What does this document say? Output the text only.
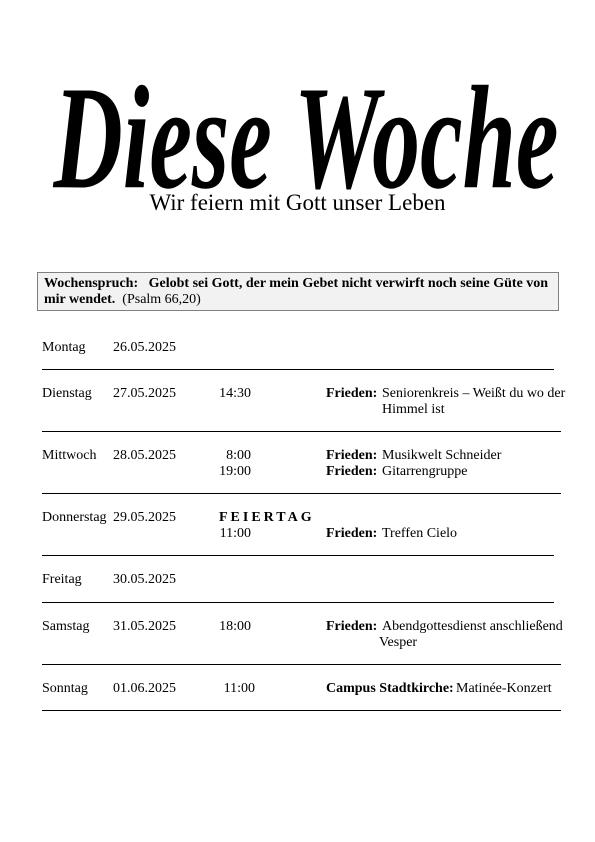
Diese Woche
Wir feiern mit Gott unser Leben
Wochenspruch: Gelobt sei Gott, der mein Gebet nicht verwirft noch seine Güte von mir wendet. (Psalm 66,20)
Montag 26.05.2025
Dienstag 27.05.2025	14:30	Frieden: Seniorenkreis – Weißt du wo der
Himmel ist
Mittwoch 28.05.2025	8:00	Frieden: Musikwelt Schneider
19:00	Frieden: Gitarrengruppe
Donnerstag 29.05.2025	FEIERTAG
11:00	Frieden: Treffen Cielo
Freitag 30.05.2025
Samstag 31.05.2025	18:00	Frieden: Abendgottesdienst anschließend
Vesper
Sonntag 01.06.2025	11:00	Campus Stadtkirche: Matinée-Konzert
